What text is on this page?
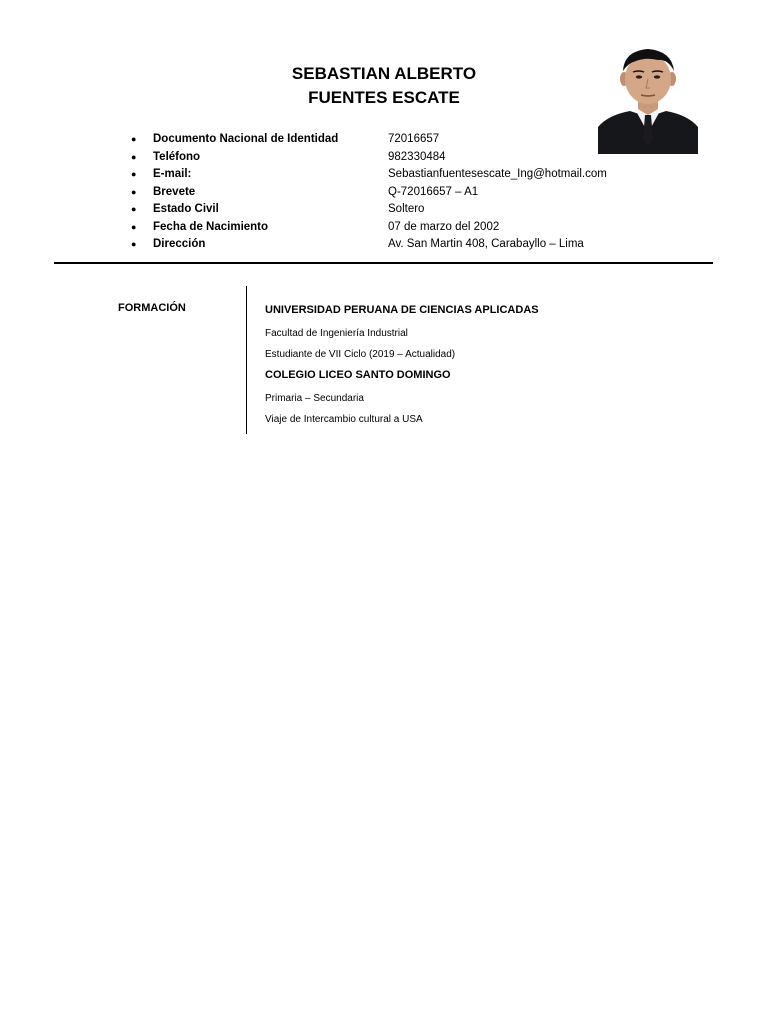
SEBASTIAN ALBERTO
FUENTES ESCATE
● Documento Nacional de Identidad	72016657
● Teléfono	982330484
● E-mail:	Sebastianfuentesescate_Ing@hotmail.com
● Brevete	Q-72016657 – A1
● Estado Civil	Soltero
● Fecha de Nacimiento	07 de marzo del 2002
● Dirección	Av. San Martin 408, Carabayllo – Lima
FORMACIÓN	UNIVERSIDAD PERUANA DE CIENCIAS APLICADAS
Facultad de Ingeniería Industrial
Estudiante de VII Ciclo (2019 – Actualidad)
COLEGIO LICEO SANTO DOMINGO
Primaria – Secundaria
Viaje de Intercambio cultural a USA
